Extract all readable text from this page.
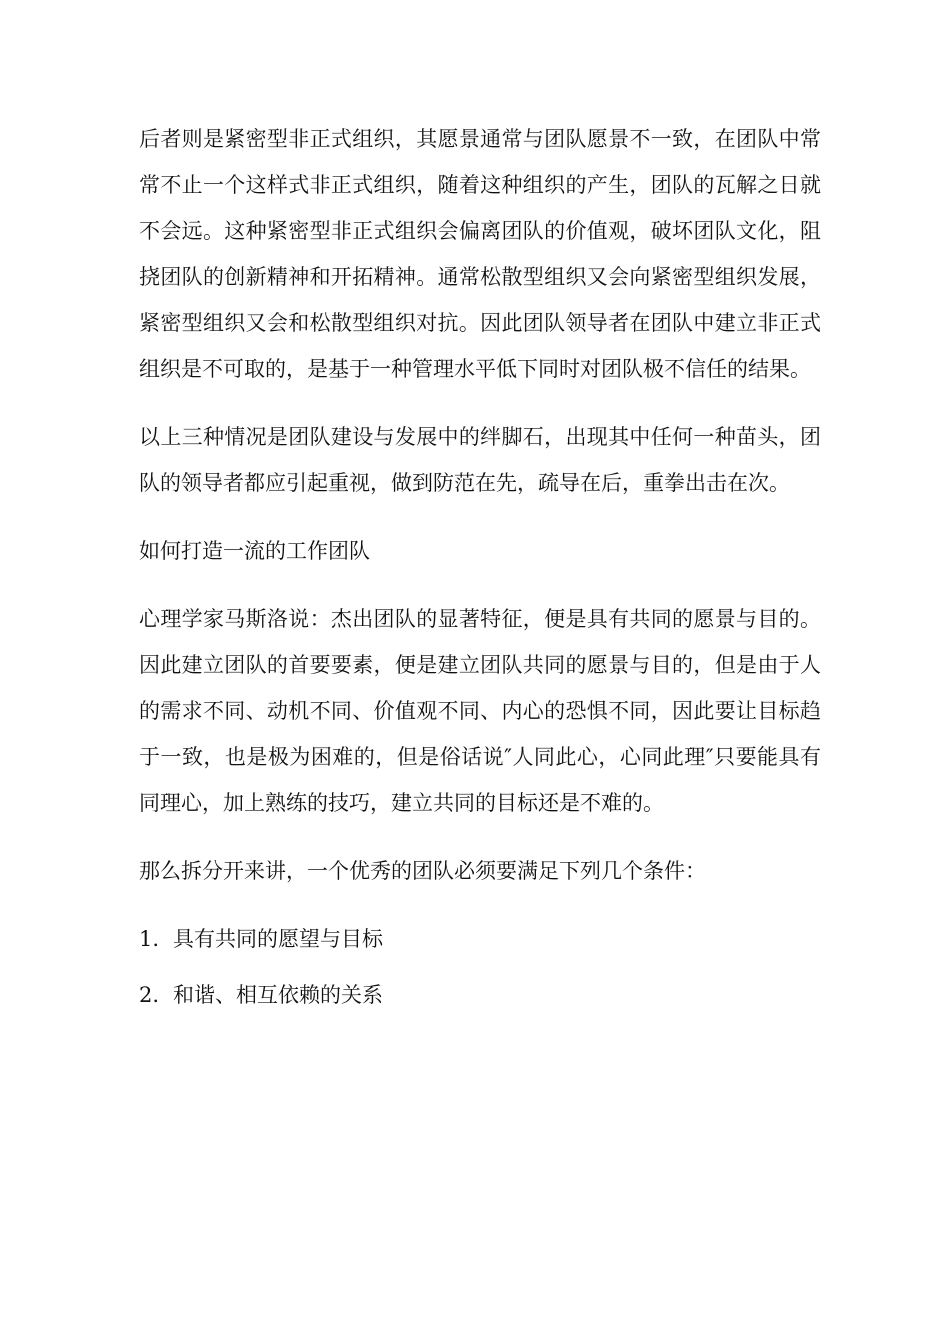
后者则是紧密型非正式组织，其愿景通常与团队愿景不一致，在团队中常常不止一个这样式非正式组织，随着这种组织的产生，团队的瓦解之日就不会远。这种紧密型非正式组织会偏离团队的价值观，破坏团队文化，阻挠团队的创新精神和开拓精神。通常松散型组织又会向紧密型组织发展，紧密型组织又会和松散型组织对抗。因此团队领导者在团队中建立非正式组织是不可取的，是基于一种管理水平低下同时对团队极不信任的结果。

以上三种情况是团队建设与发展中的绊脚石，出现其中任何一种苗头，团队的领导者都应引起重视，做到防范在先，疏导在后，重拳出击在次。

如何打造一流的工作团队

心理学家马斯洛说：杰出团队的显著特征，便是具有共同的愿景与目的。因此建立团队的首要要素，便是建立团队共同的愿景与目的，但是由于人的需求不同、动机不同、价值观不同、内心的恐惧不同，因此要让目标趋于一致，也是极为困难的，但是俗话说″人同此心，心同此理″只要能具有同理心，加上熟练的技巧，建立共同的目标还是不难的。

那么拆分开来讲，一个优秀的团队必须要满足下列几个条件：

1. 具有共同的愿望与目标
2. 和谐、相互依赖的关系
